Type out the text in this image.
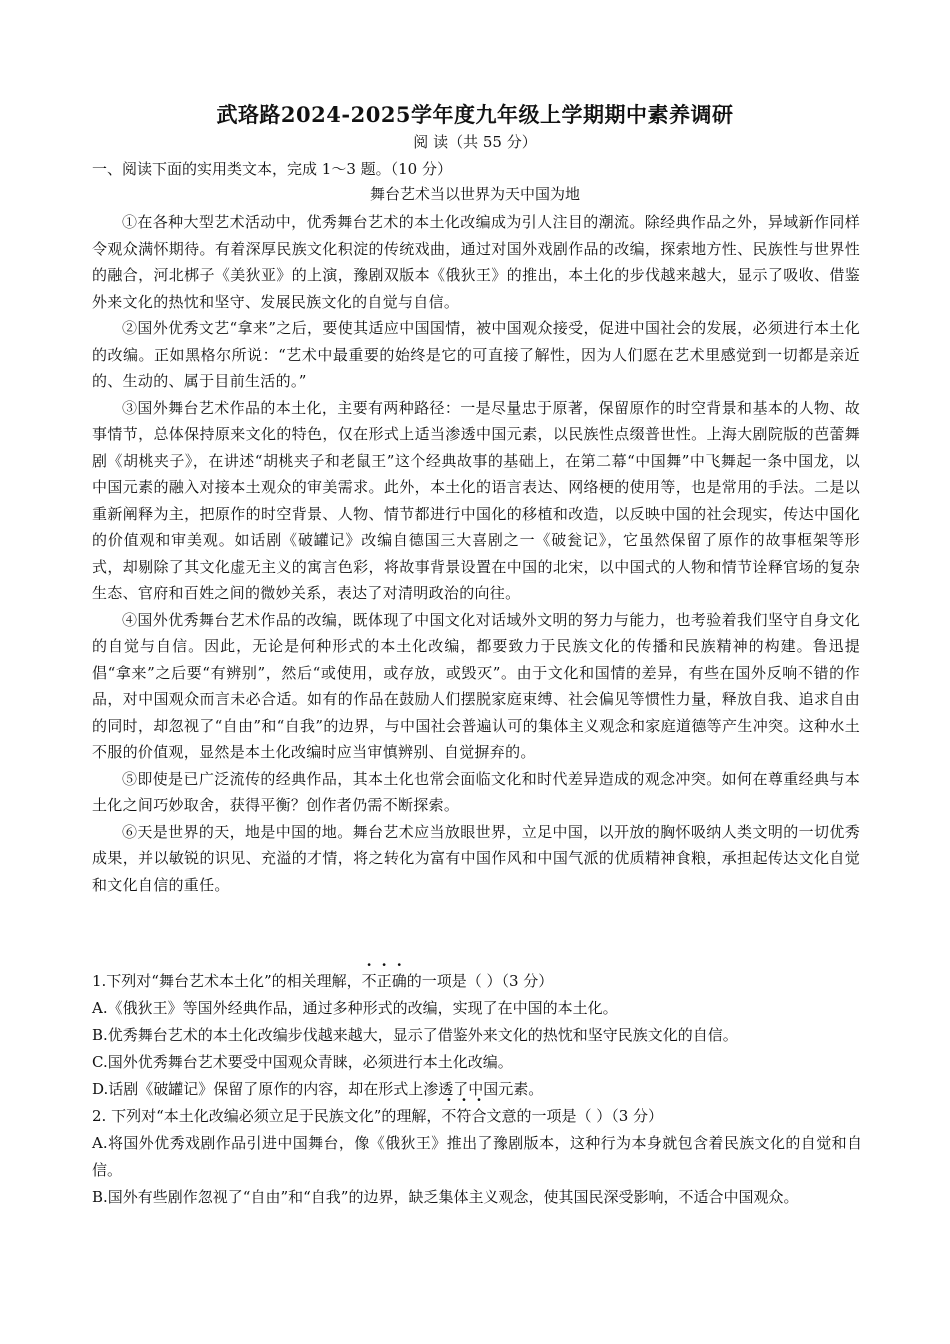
武珞路2024-2025学年度九年级上学期期中素养调研
阅 读（共 55 分）
一、阅读下面的实用类文本，完成 1～3 题。（10 分）
舞台艺术当以世界为天中国为地

①在各种大型艺术活动中，优秀舞台艺术的本土化改编成为引人注目的潮流。除经典作品之外，异域新作同样令观众满怀期待。有着深厚民族文化积淀的传统戏曲，通过对国外戏剧作品的改编，探索地方性、民族性与世界性的融合，河北梆子《美狄亚》的上演，豫剧双版本《俄狄王》的推出，本土化的步伐越来越大，显示了吸收、借鉴外来文化的热忱和坚守、发展民族文化的自觉与自信。

②国外优秀文艺“拿来”之后，要使其适应中国国情，被中国观众接受，促进中国社会的发展，必须进行本土化的改编。正如黑格尔所说：“艺术中最重要的始终是它的可直接了解性，因为人们愿在艺术里感觉到一切都是亲近的、生动的、属于目前生活的。”

③国外舞台艺术作品的本土化，主要有两种路径：一是尽量忠于原著，保留原作的时空背景和基本的人物、故事情节，总体保持原来文化的特色，仅在形式上适当渗透中国元素，以民族性点缀普世性。上海大剧院版的芭蕾舞剧《胡桃夹子》，在讲述“胡桃夹子和老鼠王”这个经典故事的基础上，在第二幕“中国舞”中飞舞起一条中国龙，以中国元素的融入对接本土观众的审美需求。此外，本土化的语言表达、网络梗的使用等，也是常用的手法。二是以重新阐释为主，把原作的时空背景、人物、情节都进行中国化的移植和改造，以反映中国的社会现实，传达中国化的价值观和审美观。如话剧《破罐记》改编自德国三大喜剧之一《破瓮记》，它虽然保留了原作的故事框架等形式，却剔除了其文化虚无主义的寓言色彩，将故事背景设置在中国的北宋，以中国式的人物和情节诠释官场的复杂生态、官府和百姓之间的微妙关系，表达了对清明政治的向往。

④国外优秀舞台艺术作品的改编，既体现了中国文化对话域外文明的努力与能力，也考验着我们坚守自身文化的自觉与自信。因此，无论是何种形式的本土化改编，都要致力于民族文化的传播和民族精神的构建。鲁迅提倡“拿来”之后要“有辨别”，然后“或使用，或存放，或毁灭”。由于文化和国情的差异，有些在国外反响不错的作品，对中国观众而言未必合适。如有的作品在鼓励人们摆脱家庭束缚、社会偏见等惯性力量，释放自我、追求自由的同时，却忽视了“自由”和“自我”的边界，与中国社会普遍认可的集体主义观念和家庭道德等产生冲突。这种水土不服的价值观，显然是本土化改编时应当审慎辨别、自觉摒弃的。

⑤即使是已广泛流传的经典作品，其本土化也常会面临文化和时代差异造成的观念冲突。如何在尊重经典与本土化之间巧妙取舍，获得平衡？创作者仍需不断探索。

⑥天是世界的天，地是中国的地。舞台艺术应当放眼世界，立足中国，以开放的胸怀吸纳人类文明的一切优秀成果，并以敏锐的识见、充溢的才情，将之转化为富有中国作风和中国气派的优质精神食粮，承担起传达文化自觉和文化自信的重任。

1.下列对“舞台艺术本土化”的相关理解，不正确的一项是（ ）（3 分）

A.《俄狄王》等国外经典作品，通过多种形式的改编，实现了在中国的本土化。

B.优秀舞台艺术的本土化改编步伐越来越大，显示了借鉴外来文化的热忱和坚守民族文化的自信。

C.国外优秀舞台艺术要受中国观众青睐，必须进行本土化改编。

D.话剧《破罐记》保留了原作的内容，却在形式上渗透了中国元素。

2. 下列对“本土化改编必须立足于民族文化”的理解，不符合文意的一项是（ ）（3 分）

A.将国外优秀戏剧作品引进中国舞台，像《俄狄王》推出了豫剧版本，这种行为本身就包含着民族文化的自觉和自信。

B.国外有些剧作忽视了“自由”和“自我”的边界，缺乏集体主义观念，使其国民深受影响，不适合中国观众。
